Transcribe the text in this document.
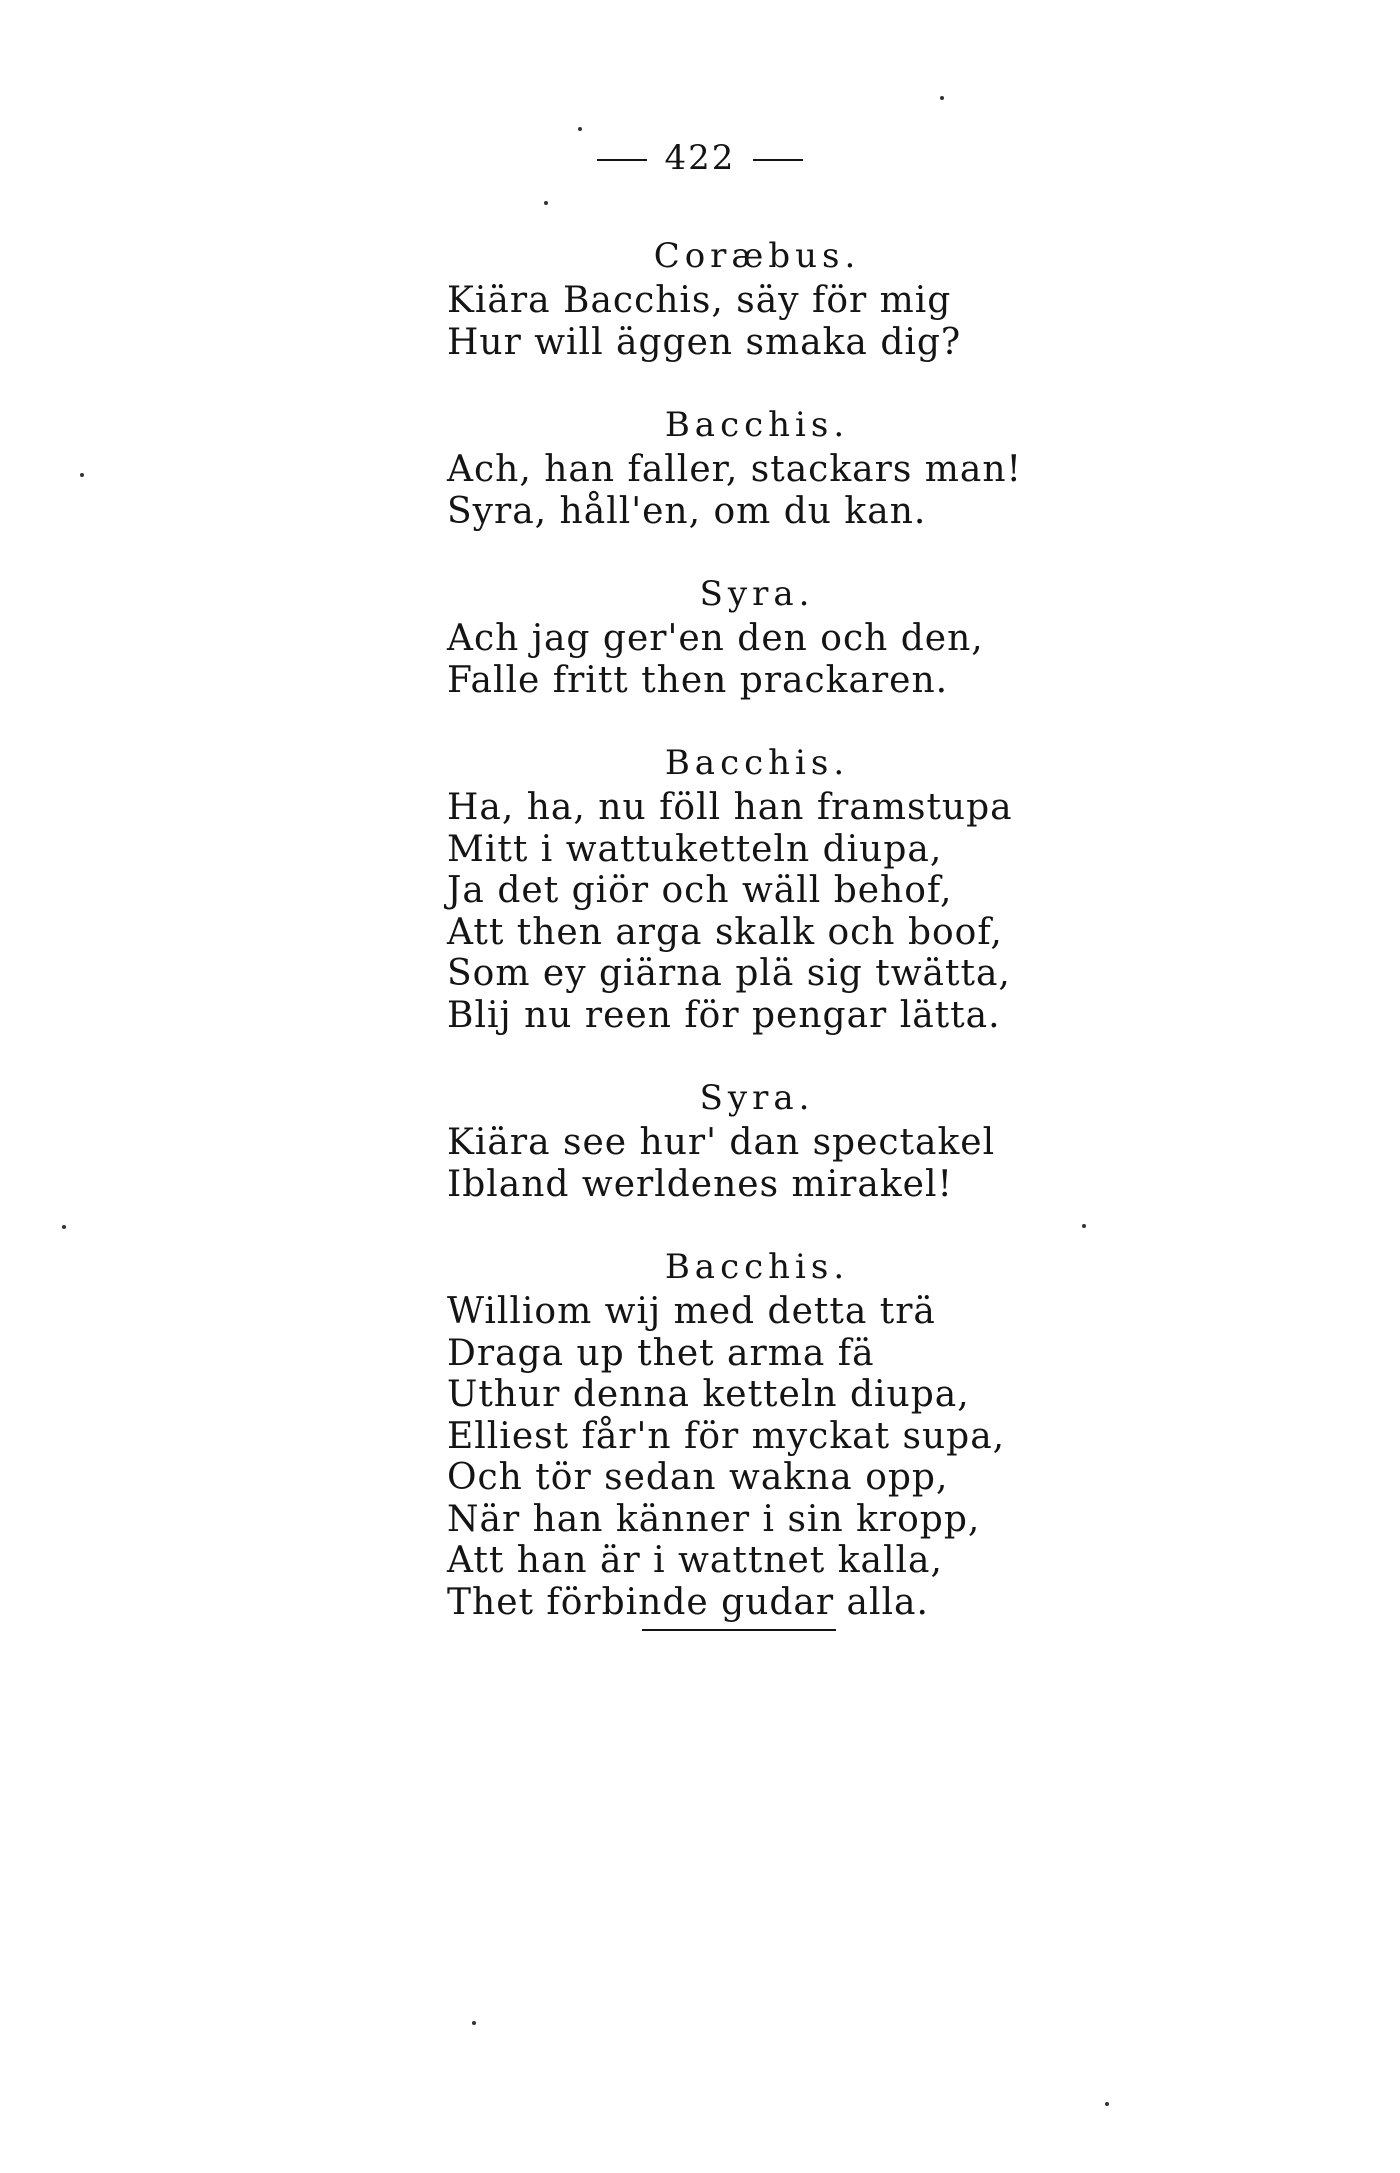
422
Coræbus.
Kiära Bacchis, säy för mig
Hur will äggen smaka dig?
Bacchis.
Ach, han faller, stackars man!
Syra, håll'en, om du kan.
Syra.
Ach jag ger'en den och den,
Falle fritt then prackaren.
Bacchis.
Ha, ha, nu föll han framstupa
Mitt i wattuketteln diupa,
Ja det giör och wäll behof,
Att then arga skalk och boof,
Som ey giärna plä sig twätta,
Blij nu reen för pengar lätta.
Syra.
Kiära see hur' dan spectakel
Ibland werldenes mirakel!
Bacchis.
Williom wij med detta trä
Draga up thet arma fä
Uthur denna ketteln diupa,
Elliest får'n för myckat supa,
Och tör sedan wakna opp,
När han känner i sin kropp,
Att han är i wattnet kalla,
Thet förbinde gudar alla.
